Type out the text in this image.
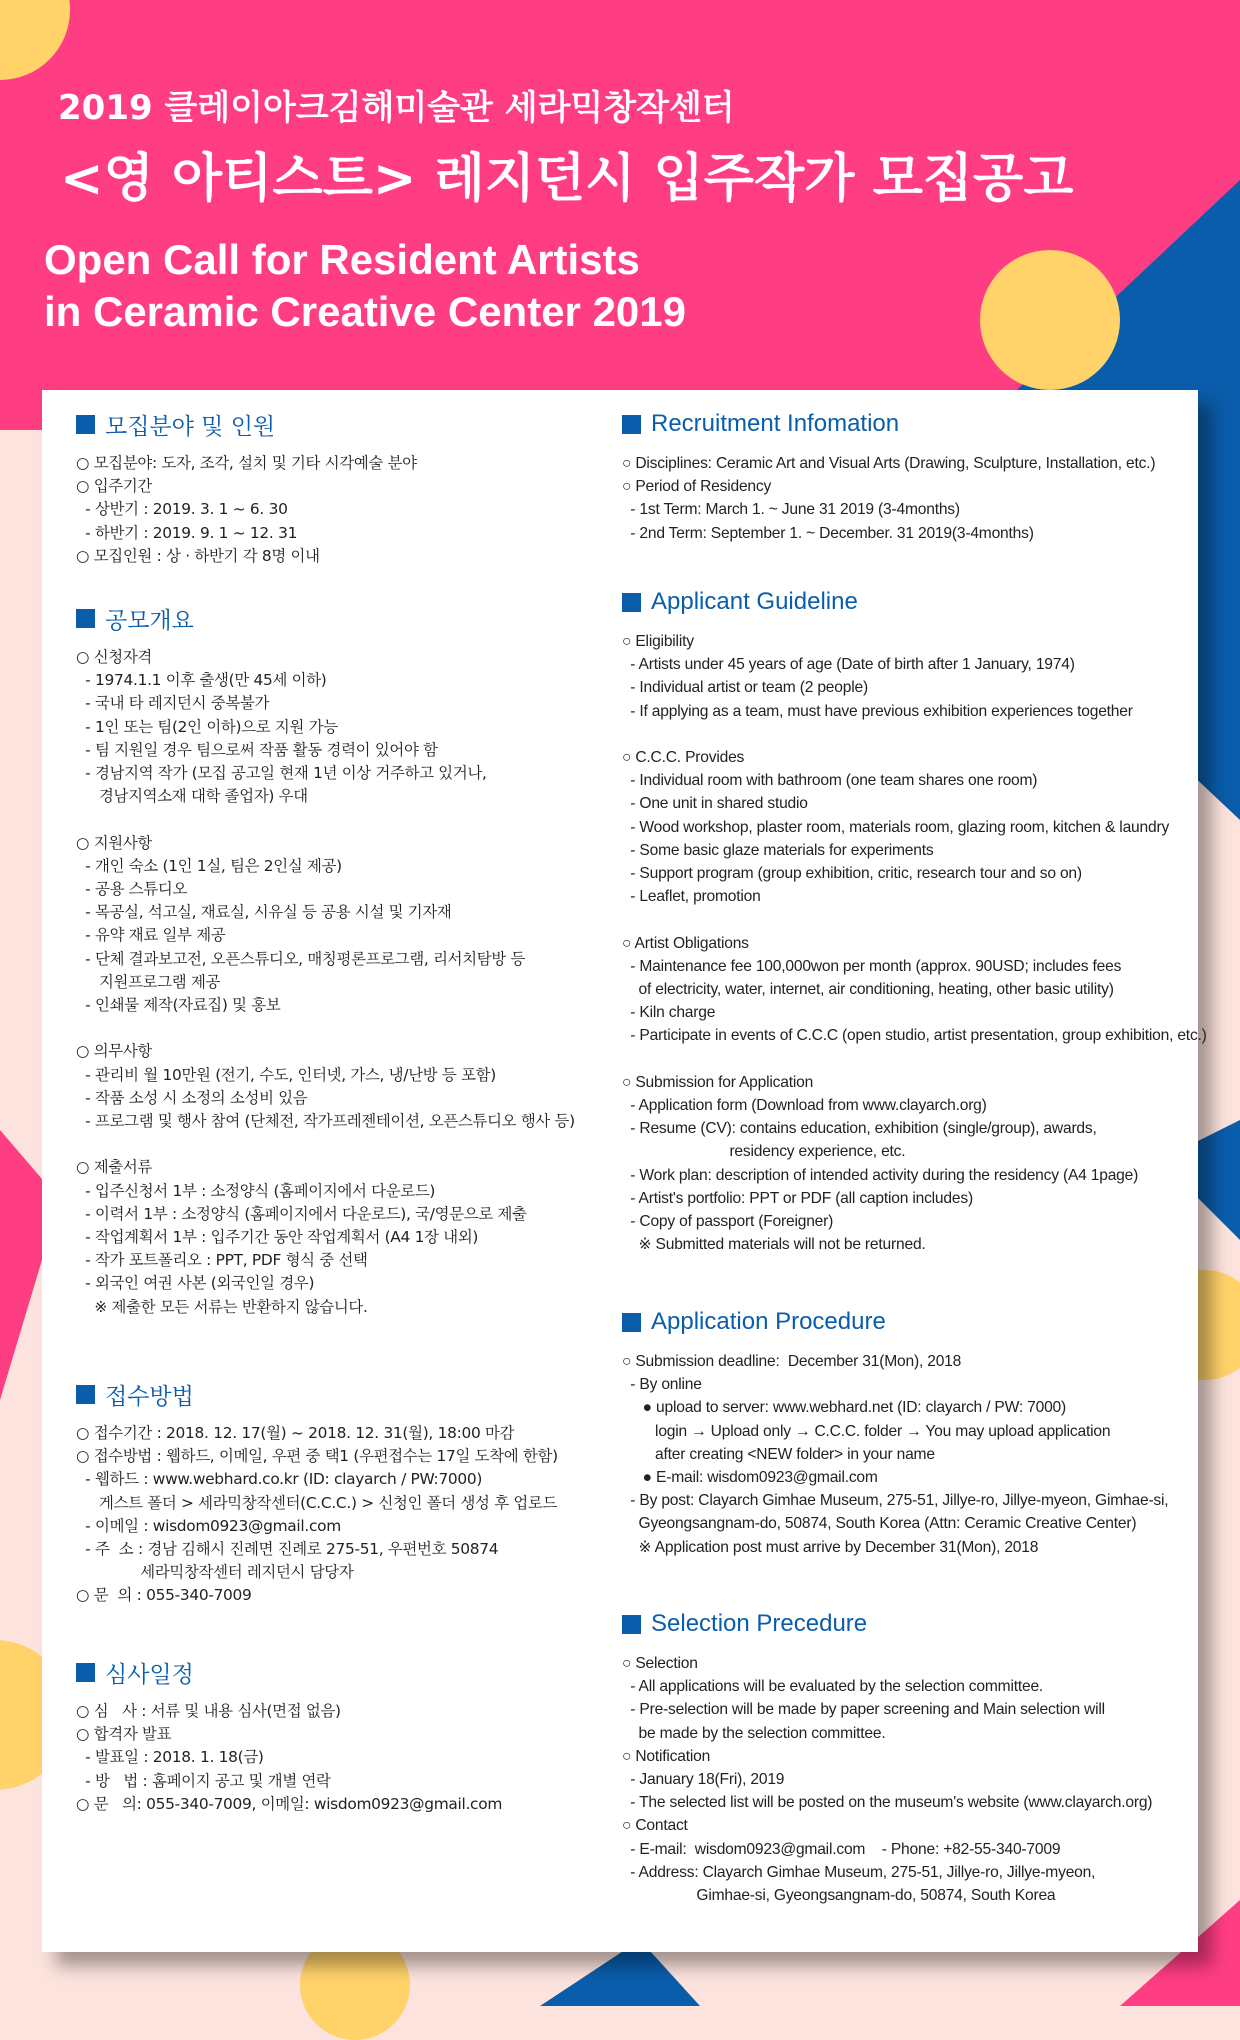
2019 클레이아크김해미술관 세라믹창작센터
<영 아티스트> 레지던시 입주작가 모집공고
Open Call for Resident Artists
in Ceramic Creative Center 2019
모집분야 및 인원
○ 모집분야: 도자, 조각, 설치 및 기타 시각예술 분야
○ 입주기간
- 상반기 : 2019. 3. 1 ~ 6. 30
- 하반기 : 2019. 9. 1 ~ 12. 31
○ 모집인원 : 상 · 하반기 각 8명 이내
공모개요
○ 신청자격
- 1974.1.1 이후 출생(만 45세 이하)
- 국내 타 레지던시 중복불가
- 1인 또는 팀(2인 이하)으로 지원 가능
- 팀 지원일 경우 팀으로써 작품 활동 경력이 있어야 함
- 경남지역 작가 (모집 공고일 현재 1년 이상 거주하고 있거나,
경남지역소재 대학 졸업자) 우대

○ 지원사항
- 개인 숙소 (1인 1실, 팀은 2인실 제공)
- 공용 스튜디오
- 목공실, 석고실, 재료실, 시유실 등 공용 시설 및 기자재
- 유약 재료 일부 제공
- 단체 결과보고전, 오픈스튜디오, 매칭평론프로그램, 리서치탐방 등
지원프로그램 제공
- 인쇄물 제작(자료집) 및 홍보

○ 의무사항
- 관리비 월 10만원 (전기, 수도, 인터넷, 가스, 냉/난방 등 포함)
- 작품 소성 시 소정의 소성비 있음
- 프로그램 및 행사 참여 (단체전, 작가프레젠테이션, 오픈스튜디오 행사 등)

○ 제출서류
- 입주신청서 1부 : 소정양식 (홈페이지에서 다운로드)
- 이력서 1부 : 소정양식 (홈페이지에서 다운로드), 국/영문으로 제출
- 작업계획서 1부 : 입주기간 동안 작업계획서 (A4 1장 내외)
- 작가 포트폴리오 : PPT, PDF 형식 중 선택
- 외국인 여권 사본 (외국인일 경우)
※ 제출한 모든 서류는 반환하지 않습니다.
접수방법
○ 접수기간 : 2018. 12. 17(월) ~ 2018. 12. 31(월), 18:00 마감
○ 접수방법 : 웹하드, 이메일, 우편 중 택1 (우편접수는 17일 도착에 한함)
- 웹하드 : www.webhard.co.kr (ID: clayarch / PW:7000)
게스트 폴더 > 세라믹창작센터(C.C.C.) > 신청인 폴더 생성 후 업로드
- 이메일 : wisdom0923@gmail.com
- 주  소 : 경남 김해시 진례면 진례로 275-51, 우편번호 50874
세라믹창작센터 레지던시 담당자
○ 문  의 : 055-340-7009
심사일정
○ 심   사 : 서류 및 내용 심사(면접 없음)
○ 합격자 발표
- 발표일 : 2018. 1. 18(금)
- 방   법 : 홈페이지 공고 및 개별 연락
○ 문   의: 055-340-7009, 이메일: wisdom0923@gmail.com
Recruitment Infomation
○ Disciplines: Ceramic Art and Visual Arts (Drawing, Sculpture, Installation, etc.)
○ Period of Residency
- 1st Term: March 1. ~ June 31 2019 (3-4months)
- 2nd Term: September 1. ~ December. 31 2019(3-4months)
Applicant Guideline
○ Eligibility
- Artists under 45 years of age (Date of birth after 1 January, 1974)
- Individual artist or team (2 people)
- If applying as a team, must have previous exhibition experiences together

○ C.C.C. Provides
- Individual room with bathroom (one team shares one room)
- One unit in shared studio
- Wood workshop, plaster room, materials room, glazing room, kitchen & laundry
- Some basic glaze materials for experiments
- Support program (group exhibition, critic, research tour and so on)
- Leaflet, promotion

○ Artist Obligations
- Maintenance fee 100,000won per month (approx. 90USD; includes fees
of electricity, water, internet, air conditioning, heating, other basic utility)
- Kiln charge
- Participate in events of C.C.C (open studio, artist presentation, group exhibition, etc.)

○ Submission for Application
- Application form (Download from www.clayarch.org)
- Resume (CV): contains education, exhibition (single/group), awards,
residency experience, etc.
- Work plan: description of intended activity during the residency (A4 1page)
- Artist's portfolio: PPT or PDF (all caption includes)
- Copy of passport (Foreigner)
※ Submitted materials will not be returned.
Application Procedure
○ Submission deadline:  December 31(Mon), 2018
- By online
● upload to server: www.webhard.net (ID: clayarch / PW: 7000)
login → Upload only → C.C.C. folder → You may upload application
after creating <NEW folder> in your name
● E-mail: wisdom0923@gmail.com
- By post: Clayarch Gimhae Museum, 275-51, Jillye-ro, Jillye-myeon, Gimhae-si,
Gyeongsangnam-do, 50874, South Korea (Attn: Ceramic Creative Center)
※ Application post must arrive by December 31(Mon), 2018
Selection Precedure
○ Selection
- All applications will be evaluated by the selection committee.
- Pre-selection will be made by paper screening and Main selection will
be made by the selection committee.
○ Notification
- January 18(Fri), 2019
- The selected list will be posted on the museum's website (www.clayarch.org)
○ Contact
- E-mail:  wisdom0923@gmail.com    - Phone: +82-55-340-7009
- Address: Clayarch Gimhae Museum, 275-51, Jillye-ro, Jillye-myeon,
Gimhae-si, Gyeongsangnam-do, 50874, South Korea
